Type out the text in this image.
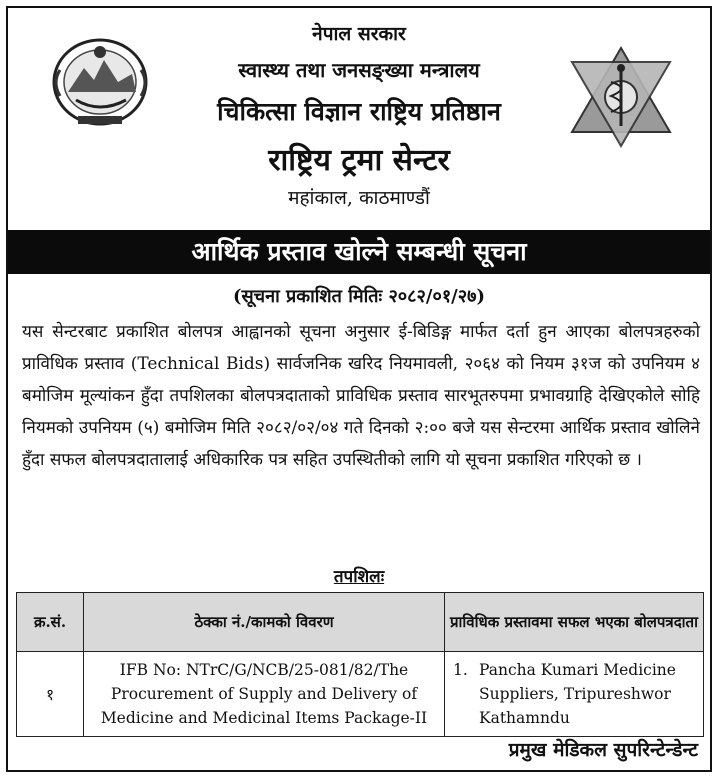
नेपाल सरकार
स्वास्थ्य तथा जनसङ्ख्या मन्त्रालय
चिकित्सा विज्ञान राष्ट्रिय प्रतिष्ठान
राष्ट्रिय ट्रमा सेन्टर
महांकाल, काठमाण्डौं
आर्थिक प्रस्ताव खोल्ने सम्बन्धी सूचना
(सूचना प्रकाशित मितिः २०८२/०१/२७)

यस सेन्टरबाट प्रकाशित बोलपत्र आह्वानको सूचना अनुसार ई-बिडिङ्ग मार्फत दर्ता हुन आएका बोलपत्रहरुको प्राविधिक प्रस्ताव (Technical Bids) सार्वजनिक खरिद नियमावली, २०६४ को नियम ३१ज को उपनियम ४ बमोजिम मूल्यांकन हुँदा तपशिलका बोलपत्रदाताको प्राविधिक प्रस्ताव सारभूतरुपमा प्रभावग्राहि देखिएकोले सोहि नियमको उपनियम (५) बमोजिम मिति २०८२/०२/०४ गते दिनको २:०० बजे यस सेन्टरमा आर्थिक प्रस्ताव खोलिने हुँदा सफल बोलपत्रदातालाई अधिकारिक पत्र सहित उपस्थितीको लागि यो सूचना प्रकाशित गरिएको छ ।

तपशिलः
क्र.सं.	ठेक्का नं./कामको विवरण	प्राविधिक प्रस्तावमा सफल भएका बोलपत्रदाता
१	IFB No: NTrC/G/NCB/25-081/82/The Procurement of Supply and Delivery of Medicine and Medicinal Items Package-II	1. Pancha Kumari Medicine Suppliers, Tripureshwor Kathamndu
प्रमुख मेडिकल सुपरिन्टेन्डेन्ट
